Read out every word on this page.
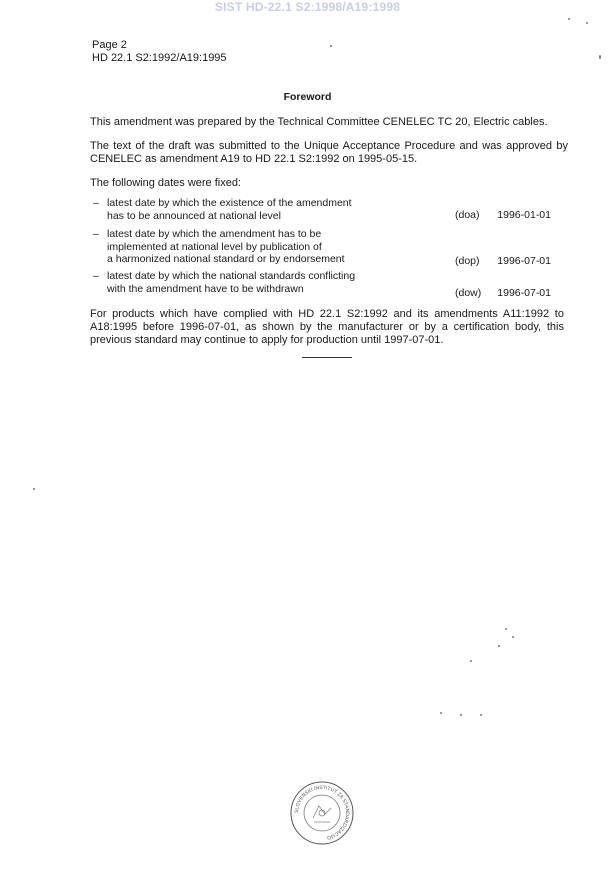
SIST HD-22.1 S2:1998/A19:1998
Page 2
HD 22.1 S2:1992/A19:1995
Foreword
This amendment was prepared by the Technical Committee CENELEC TC 20, Electric cables.
The text of the draft was submitted to the Unique Acceptance Procedure and was approved by CENELEC as amendment A19 to HD 22.1 S2:1992 on 1995-05-15.
The following dates were fixed:
– latest date by which the existence of the amendment
has to be announced at national level	(doa)	1996-01-01
– latest date by which the amendment has to be
implemented at national level by publication of
a harmonized national standard or by endorsement	(dop)	1996-07-01
– latest date by which the national standards conflicting
with the amendment have to be withdrawn	(dow)	1996-07-01
For products which have complied with HD 22.1 S2:1992 and its amendments A11:1992 to A18:1995 before 1996-07-01, as shown by the manufacturer or by a certification body, this previous standard may continue to apply for production until 1997-07-01.
SLOVENSKI INSTITUT ZA STANDARDIZACIJO
